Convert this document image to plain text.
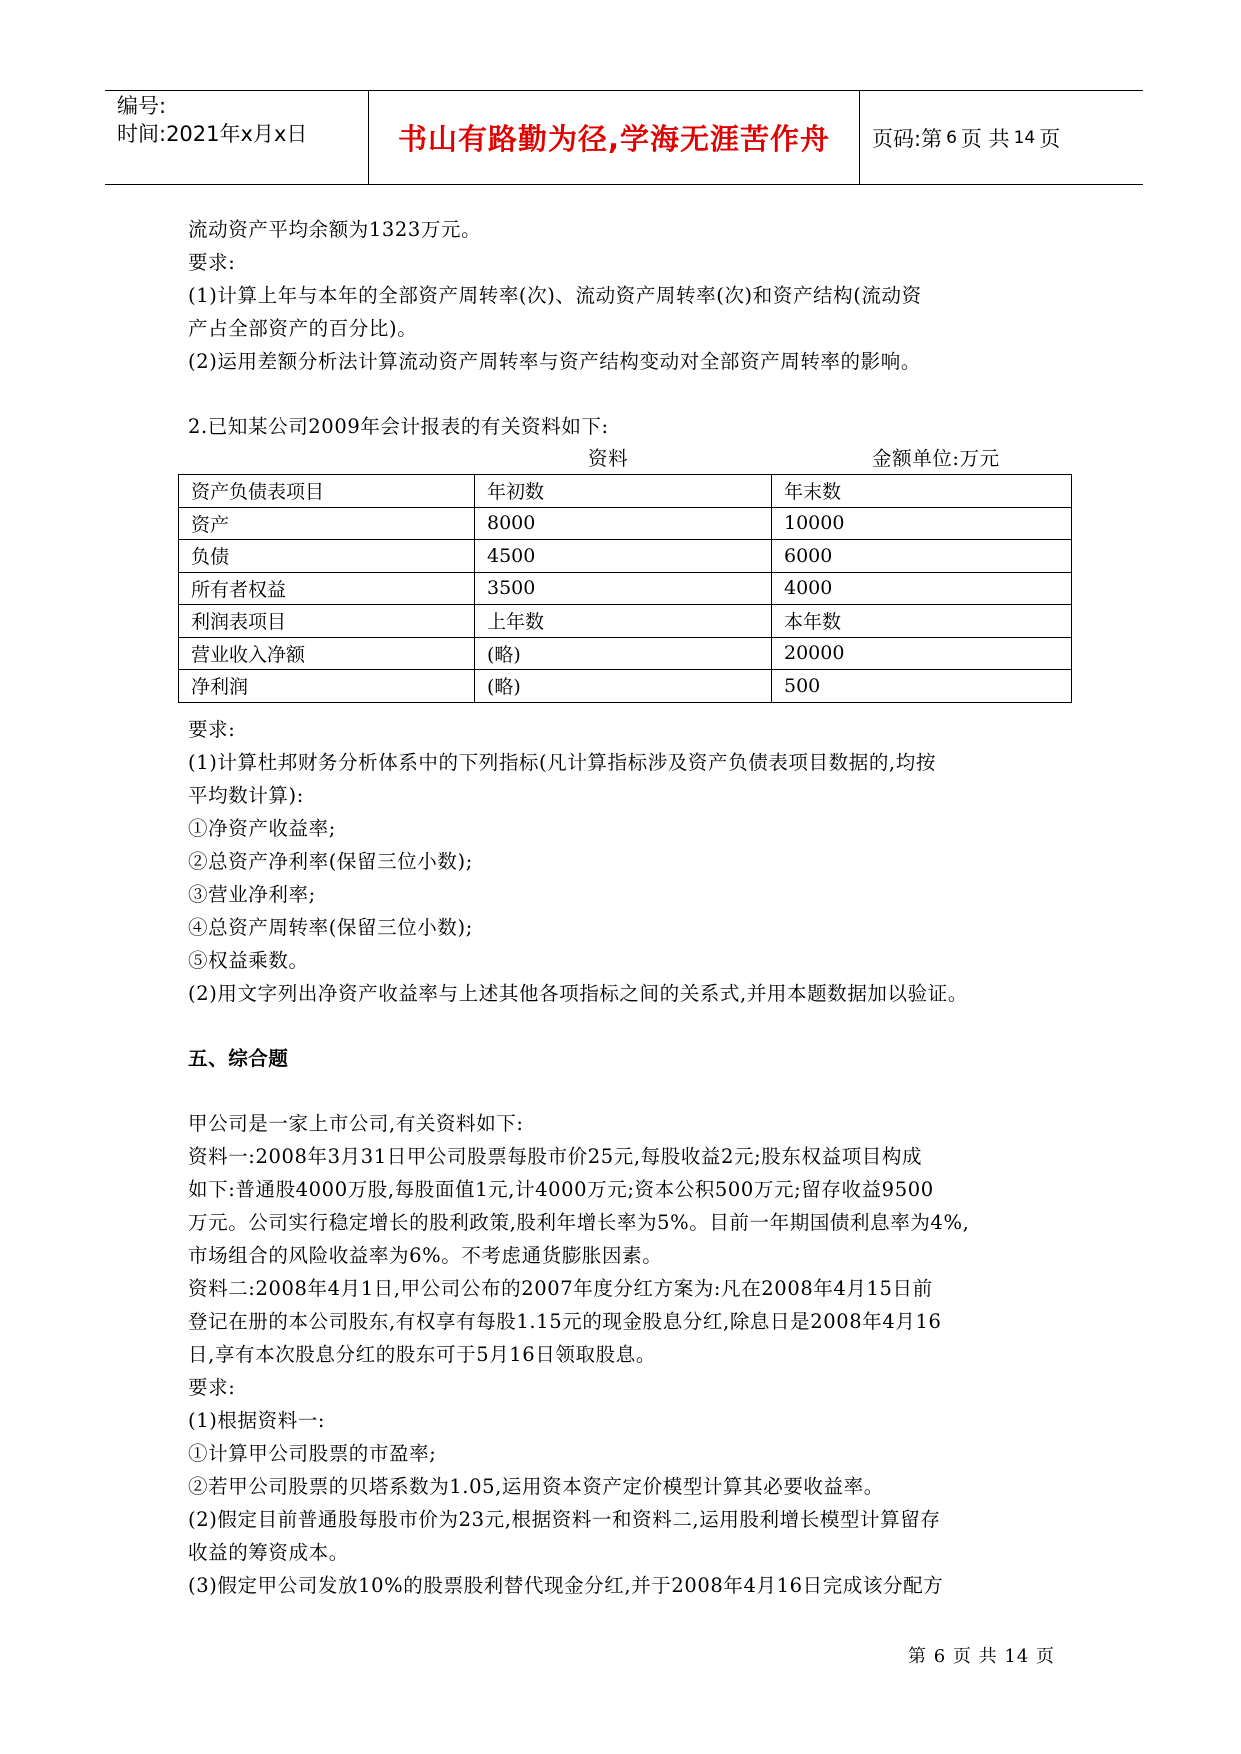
编号:
时间:2021年x月x日	书山有路勤为径,学海无涯苦作舟	页码:第 6 页 共 14 页
流动资产平均余额为1323万元。
要求:
(1)计算上年与本年的全部资产周转率(次)、流动资产周转率(次)和资产结构(流动资
产占全部资产的百分比)。
(2)运用差额分析法计算流动资产周转率与资产结构变动对全部资产周转率的影响。
2.已知某公司2009年会计报表的有关资料如下:
资料	金额单位:万元
资产负债表项目	年初数	年末数
资产	8000	10000
负债	4500	6000
所有者权益	3500	4000
利润表项目	上年数	本年数
营业收入净额	(略)	20000
净利润	(略)	500
要求:
(1)计算杜邦财务分析体系中的下列指标(凡计算指标涉及资产负债表项目数据的,均按
平均数计算):
①净资产收益率;
②总资产净利率(保留三位小数);
③营业净利率;
④总资产周转率(保留三位小数);
⑤权益乘数。
(2)用文字列出净资产收益率与上述其他各项指标之间的关系式,并用本题数据加以验证。
五、综合题
甲公司是一家上市公司,有关资料如下:
资料一:2008年3月31日甲公司股票每股市价25元,每股收益2元;股东权益项目构成
如下:普通股4000万股,每股面值1元,计4000万元;资本公积500万元;留存收益9500
万元。公司实行稳定增长的股利政策,股利年增长率为5%。目前一年期国债利息率为4%,
市场组合的风险收益率为6%。不考虑通货膨胀因素。
资料二:2008年4月1日,甲公司公布的2007年度分红方案为:凡在2008年4月15日前
登记在册的本公司股东,有权享有每股1.15元的现金股息分红,除息日是2008年4月16
日,享有本次股息分红的股东可于5月16日领取股息。
要求:
(1)根据资料一:
①计算甲公司股票的市盈率;
②若甲公司股票的贝塔系数为1.05,运用资本资产定价模型计算其必要收益率。
(2)假定目前普通股每股市价为23元,根据资料一和资料二,运用股利增长模型计算留存
收益的筹资成本。
(3)假定甲公司发放10%的股票股利替代现金分红,并于2008年4月16日完成该分配方
第 6 页 共 14 页
